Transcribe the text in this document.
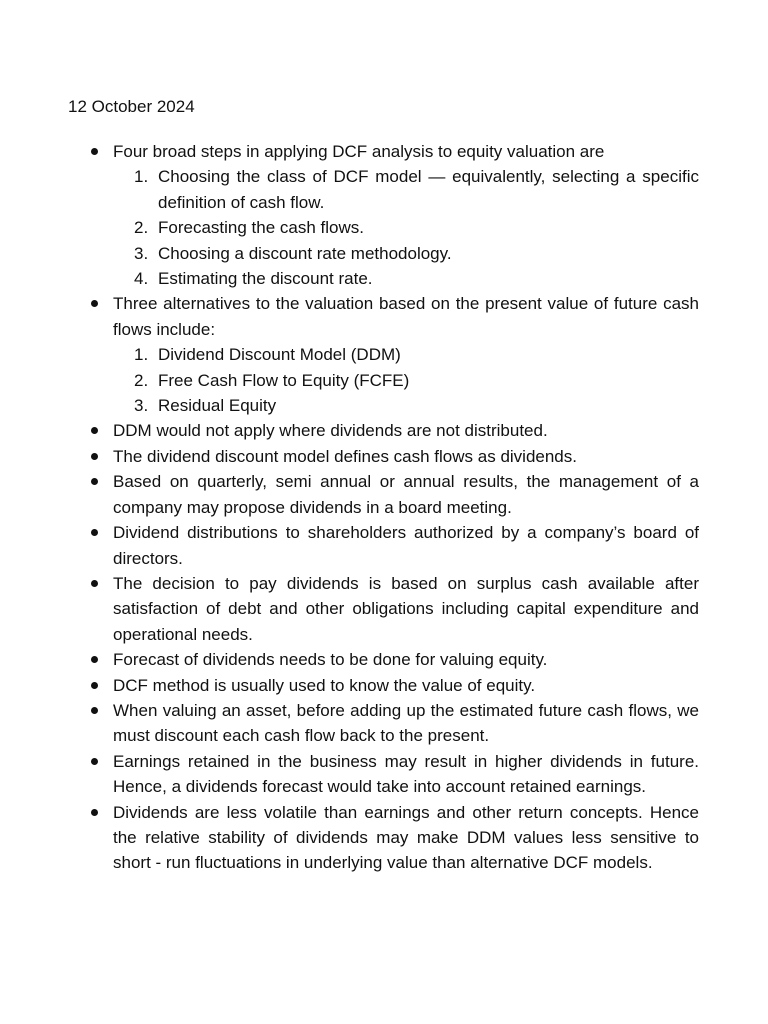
12 October 2024

Four broad steps in applying DCF analysis to equity valuation are
1. Choosing the class of DCF model — equivalently, selecting a specific definition of cash flow.
2. Forecasting the cash flows.
3. Choosing a discount rate methodology.
4. Estimating the discount rate.
Three alternatives to the valuation based on the present value of future cash flows include:
1. Dividend Discount Model (DDM)
2. Free Cash Flow to Equity (FCFE)
3. Residual Equity
DDM would not apply where dividends are not distributed.
The dividend discount model defines cash flows as dividends.
Based on quarterly, semi annual or annual results, the management of a company may propose dividends in a board meeting.
Dividend distributions to shareholders authorized by a company’s board of directors.
The decision to pay dividends is based on surplus cash available after satisfaction of debt and other obligations including capital expenditure and operational needs.
Forecast of dividends needs to be done for valuing equity.
DCF method is usually used to know the value of equity.
When valuing an asset, before adding up the estimated future cash flows, we must discount each cash flow back to the present.
Earnings retained in the business may result in higher dividends in future. Hence, a dividends forecast would take into account retained earnings.
Dividends are less volatile than earnings and other return concepts. Hence the relative stability of dividends may make DDM values less sensitive to short - run fluctuations in underlying value than alternative DCF models.
